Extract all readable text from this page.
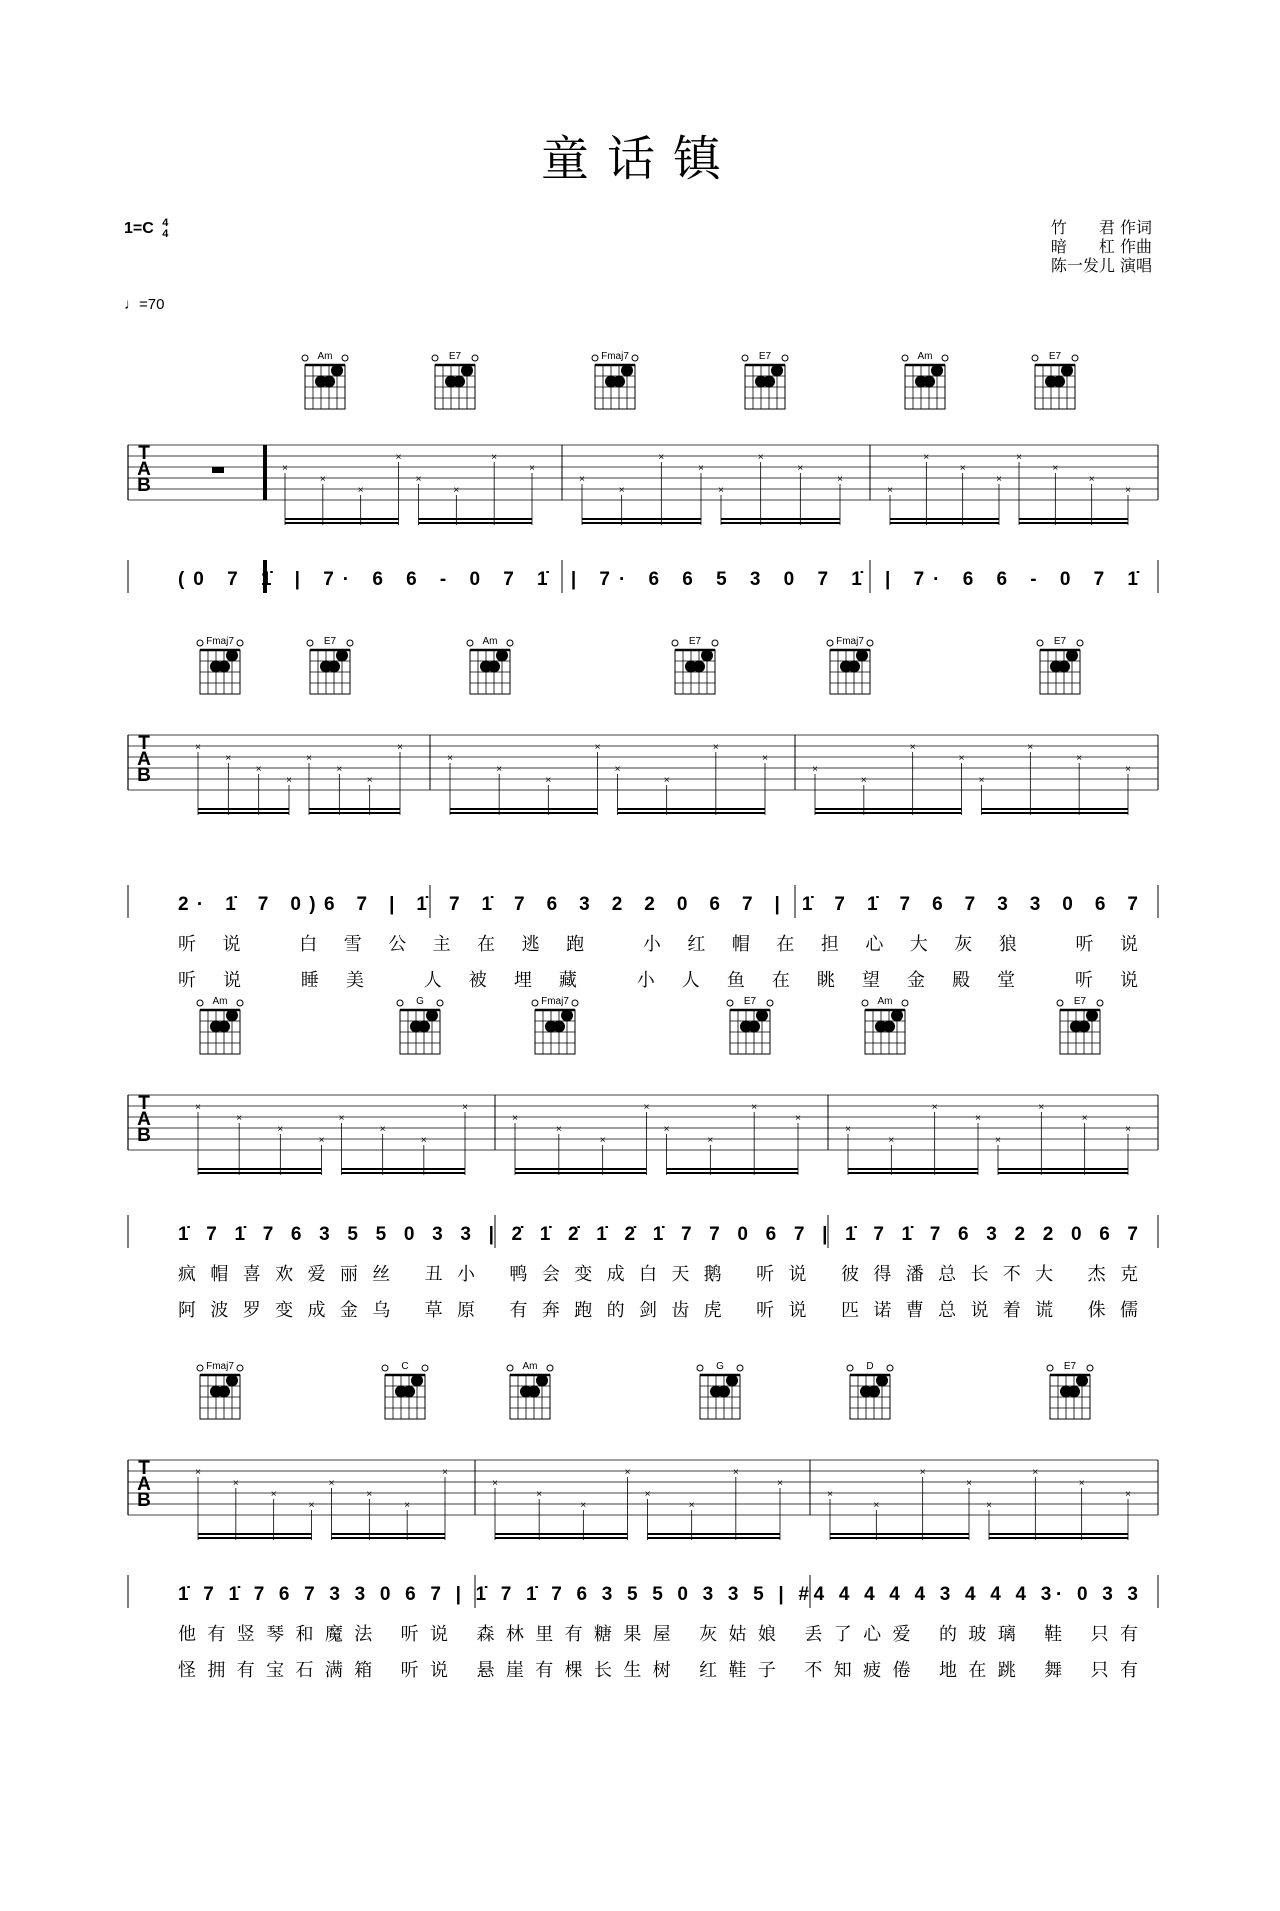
童话镇
1=C 4
4
♩=70
竹　　君 作词
暗　　杠 作曲
陈一发儿 演唱
T
A
B
×
×
×
×
×
×
×
×
×
×
×
×
×
×
×
×
×
×
×
×
×
×
×
×
Am	E7	Fmaj7	E7	Am	E7
(0 7 1̇ | 7· 6 6 - 0 7 1̇ | 7· 6 6 5 3 0 7 1̇ | 7· 6 6 - 0 7 1̇
T
A
B
×
×
×
×
×
×
×
×
×
×
×
×
×
×
×
×
×
×
×
×
×
×
×
×
Fmaj7	E7	Am	E7	Fmaj7	E7
2· 1̇ 7 0)6 7 | 1̇ 7 1̇ 7 6 3 2 2 0 6 7 | 1̇ 7 1̇ 7 6 7 3 3 0 6 7
听说 白雪公主在逃跑 小红帽在担心大灰狼 听说
听说 睡美 人被埋藏 小人鱼在眺望金殿堂 听说
T
A
B
×
×
×
×
×
×
×
×
×
×
×
×
×
×
×
×
×
×
×
×
×
×
×
×
Am	G	Fmaj7	E7	Am	E7
1̇ 7 1̇ 7 6 3 5 5 0 3 3 | 2̇ 1̇ 2̇ 1̇ 2̇ 1̇ 7 7 0 6 7 | 1̇ 7 1̇ 7 6 3 2 2 0 6 7
疯帽喜欢爱丽丝 丑小 鸭会变成白天鹅 听说 彼得潘总长不大 杰克
阿波罗变成金乌 草原 有奔跑的剑齿虎 听说 匹诺曹总说着谎 侏儒
T
A
B
×
×
×
×
×
×
×
×
×
×
×
×
×
×
×
×
×
×
×
×
×
×
×
×
Fmaj7	C	Am	G	D	E7
1̇ 7 1̇ 7 6 7 3 3 0 6 7 | 1̇ 7 1̇ 7 6 3 5 5 0 3 3 5 | #4 4 4 4 4 3 4 4 4 3· 0 3 3
他有竖琴和魔法 听说 森林里有糖果屋 灰姑娘 丢了心爱 的玻璃 鞋 只有
怪拥有宝石满箱 听说 悬崖有棵长生树 红鞋子 不知疲倦 地在跳 舞 只有
